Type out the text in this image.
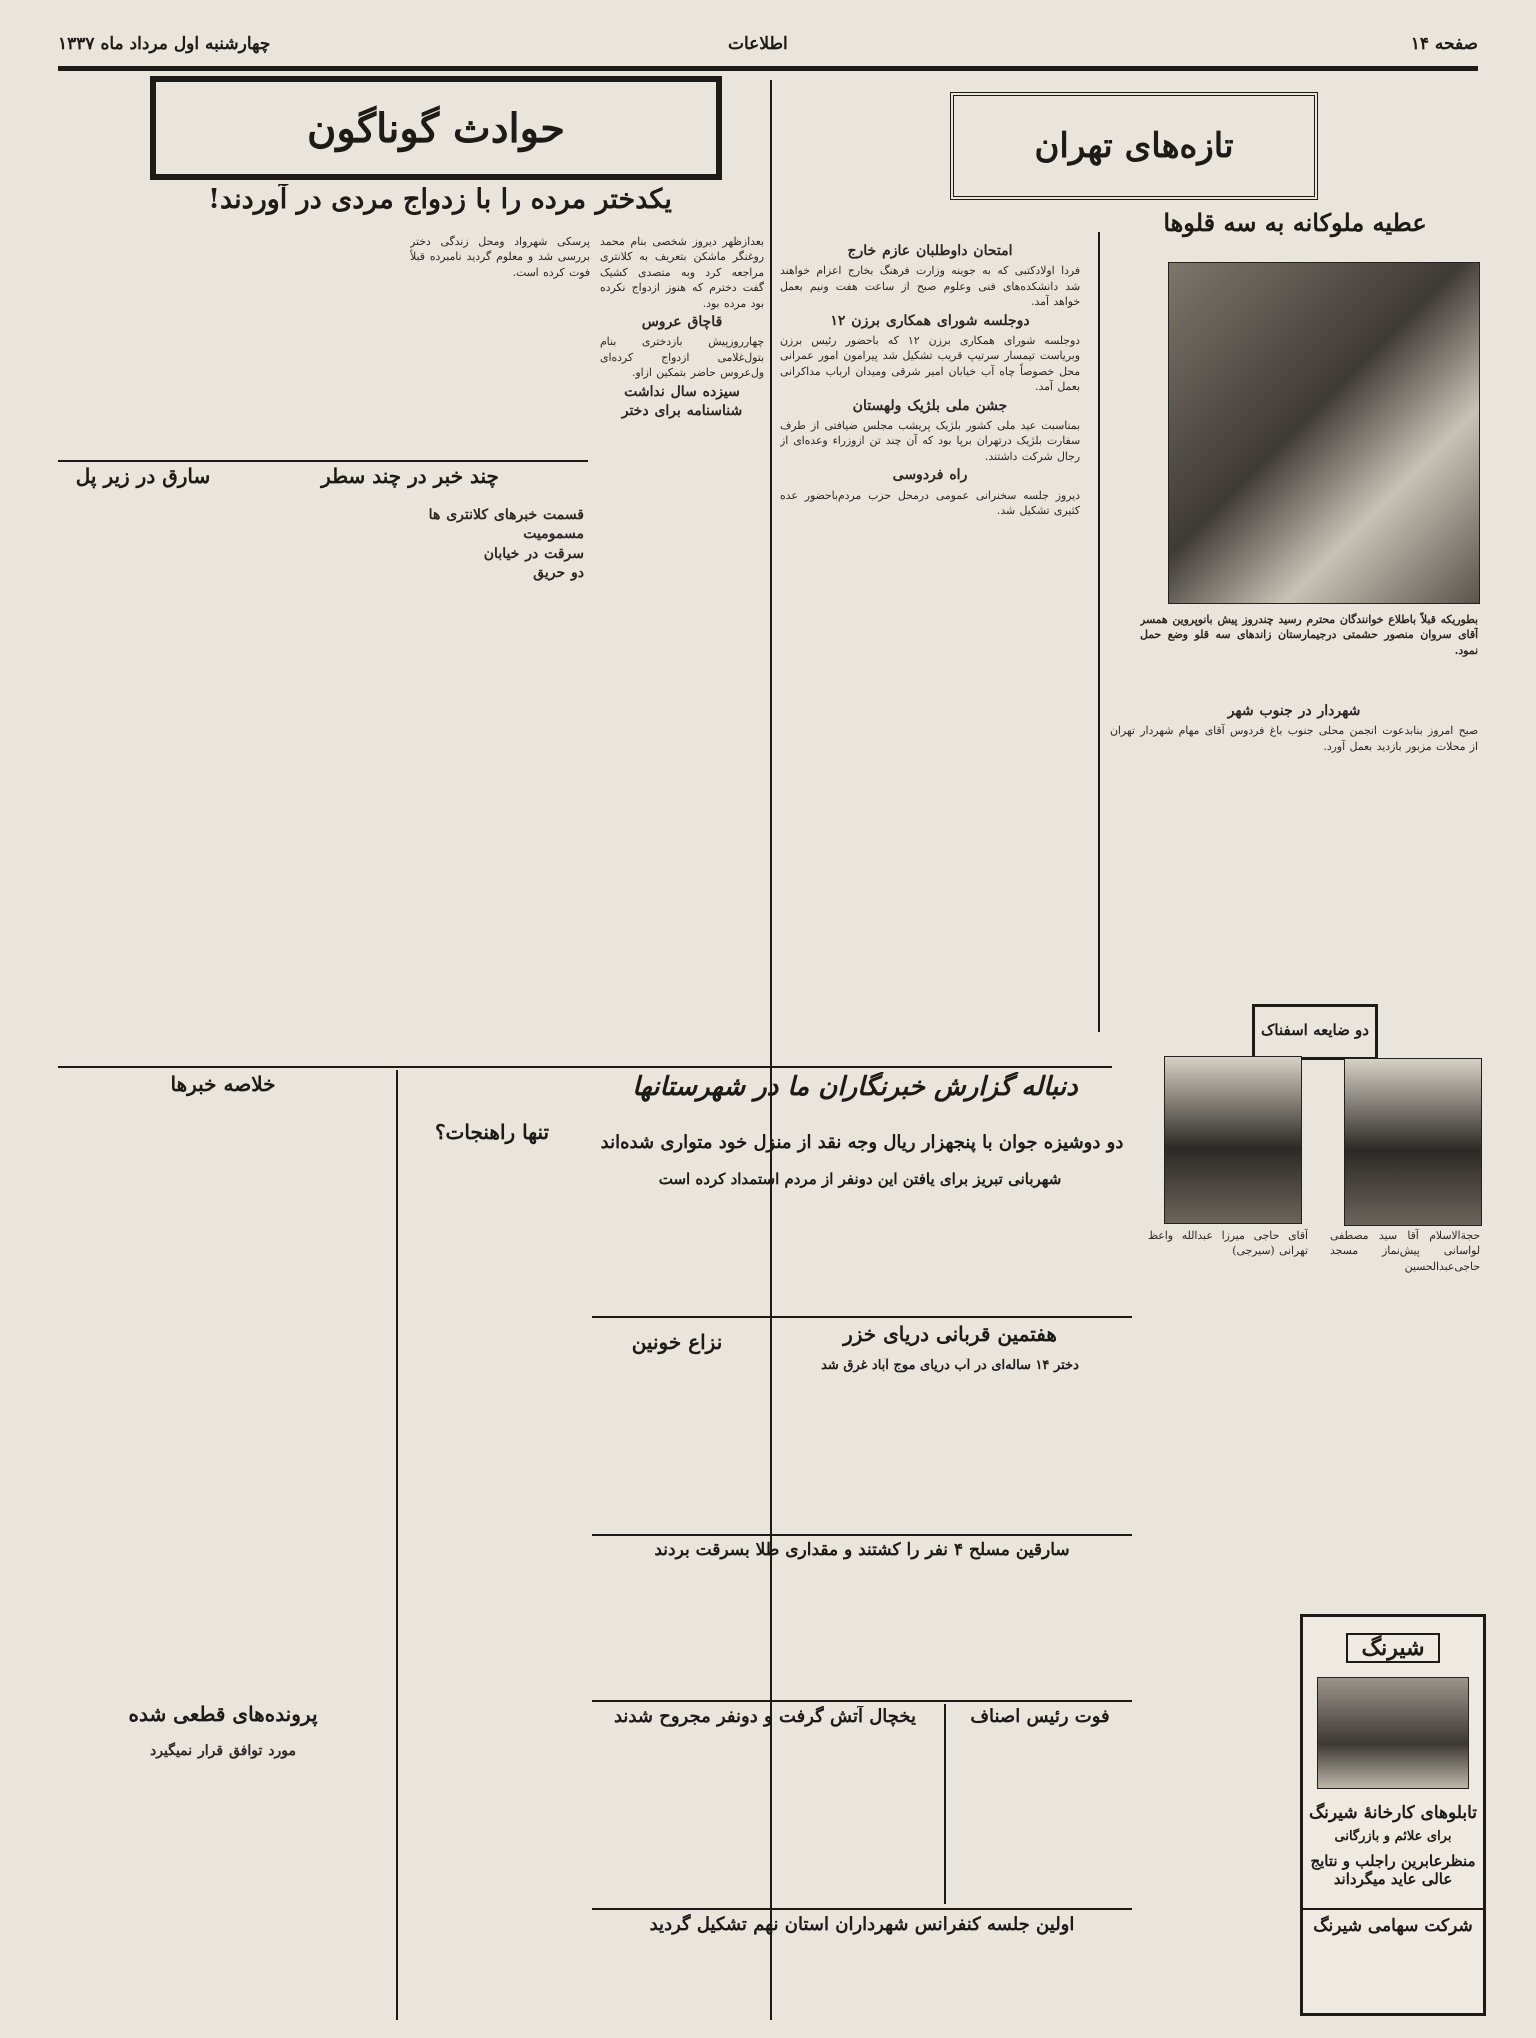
صفحه ۱۴
اطلاعات
چهارشنبه اول مرداد ماه ۱۳۳۷
تازه‌های تهران
امتحان داوطلبان عازم خارج
فردا اولادکتبی که به جوینه وزارت فرهنگ بخارج اعزام خواهند شد دانشکده‌های فنی وعلوم صبح از ساعت هفت ونیم بعمل خواهد آمد.
دوجلسه شورای همکاری برزن ۱۲
دوجلسه شورای همکاری برزن ۱۲ که باحضور رئیس برزن وبرياست تیمسار سرتیپ قریب تشکیل شد پیرامون امور عمرانی محل خصوصاً چاه آب خیابان امیر شرقی ومیدان ارباب مداکرانی بعمل آمد.
جشن ملی بلژیک ولهستان
بمناسبت عید ملی کشور بلژیک پریشب مجلس ضیافتی از طرف سفارت بلژیک درتهران برپا بود که آن چند تن ازوزراء وعده‌ای از رجال شرکت داشتند.
راه فردوسی
دیروز جلسه سخنرانی عمومی درمحل حزب مردم‌باحضور عده کثیری تشکیل شد.
عطیه ملوکانه به سه قلوها
بطوریکه قبلاً باطلاع خوانندگان محترم رسید چندروز پیش بانوپروین همسر آقای سروان منصور حشمتی درجیمارستان زاندهای سه قلو وضع حمل نمود.
شهردار در جنوب شهر
صبح امروز بنابدعوت انجمن محلی جنوب باغ فردوس آقای مهام شهردار تهران از محلات مزبور بازدید بعمل آورد.
دو ضایعه اسفناک
حجة‌الاسلام آقا سید مصطفی لواسانی پیش‌نماز مسجد حاجی‌عبدالحسین
آقای حاجی میرزا عبدالله واعظ تهرانی (سیرجی)
شیرنگ
تابلوهای کارخانهٔ شیرنگ
برای علائم و بازرگانی
منظرعابرین راجلب و نتایج عالی عاید میگرداند
شرکت سهامی شیرنگ
حوادث گوناگون
یکدختر مرده را با زدواج مردی در آوردند!
بعدازظهر دیروز شخصی بنام محمد روغنگر ماشکن بتعریف به کلانتری مراجعه کرد وبه متصدی کشیک گفت دخترم که هنوز ازدواج نکرده بود مرده بود.
قاچاق عروس
چهارروزپیش بازدختری بنام بتول‌غلامی ازدواج کرده‌ای ول‌عروس حاضر بتمکین ازاو.
سیزده سال نداشت
شناسنامه برای دختر
پرسکی شهرواد ومحل زندگی دختر بررسی شد و معلوم گردید نامبرده قبلاً فوت کرده است.
سارق در زیر پل	چند خبر در چند سطر
قسمت خبرهای کلانتری ها
مسمومیت
سرقت در خیابان
دو حریق
خلاصه خبرها
تنها راهنجات؟
پرونده‌های قطعی شده
مورد توافق قرار نمیگیرد
دنباله گزارش خبرنگاران ما در شهرستانها
دو دوشیزه جوان با پنجهزار ریال وجه نقد از منزل خود متواری شده‌اند
شهربانی تبریز برای یافتن این دونفر از مردم استمداد کرده است
هفتمین قربانی دریای خزر
دختر ۱۴ ساله‌ای در آب دریای موج آباد غرق شد
نزاع خونین
سارقین مسلح ۴ نفر را کشتند و مقداری طلا بسرقت بردند
فوت رئیس اصناف
یخچال آتش گرفت و دونفر مجروح شدند
اولین جلسه کنفرانس شهرداران استان نهم تشکیل گردید
